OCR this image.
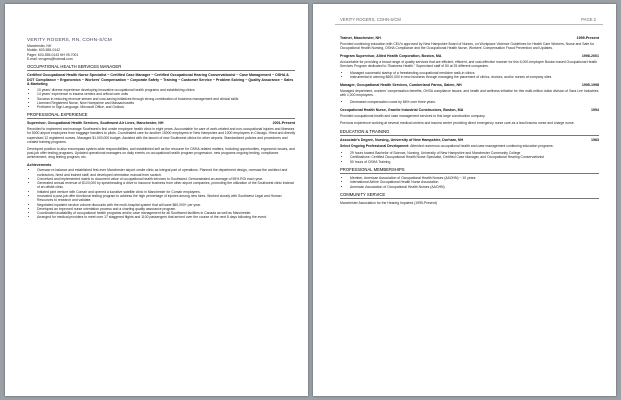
VERITY ROGERS, RN, COHN-S/CM
Manchester, NH
Mobile: 603-555-0142
Pager: 603-555-0143 NH 09-7001
E-mail: vrrogers@hotmail.com
OCCUPATIONAL HEALTH SERVICES MANAGER
Certified Occupational Health Nurse Specialist ~ Certified Case Manager ~ Certified Occupational Hearing Conservationist ~ Case Management ~ OSHA & DOT Compliance ~ Ergonomics ~ Workers' Compensation ~ Corporate Safety ~ Training ~ Customer Service ~ Problem Solving ~ Quality Assurance ~ Sales & Marketing
• 10 years' diverse experience developing innovative occupational health programs and establishing clinics
• 14 years' experience in trauma centers and critical care units
• Success in reducing revenue stream and cost-saving initiatives through strong combination of business management and clinical skills
• Licensed Registered Nurse, New Hampshire and Massachusetts
• Proficient in Sign Language, Microsoft Office, and Outlook
PROFESSIONAL EXPERIENCE
Supervisor, Occupational Health Services, Southwest Air Lines, Manchester, NH	2001-Present

Recruited to implement and manage Southwest's first onsite employee health clinic in eight years. Accountable for care of work-related and non-occupational injuries and illnesses for 5000 airport employees from baggage handlers to pilots. Coordinated care for another 15000 employees in New Hampshire and 1000 employees in Chicago. Hired and directly supervised 12 registered nurses. Managed $1,000,000 budget. Assisted with the launch of new Southwest clinics for other airports. Standardized policies and procedures and created training programs.

Developed position to also encompass system-wide responsibilities, and established self as the resource for OSHA-related matters, including opportunities, ergonomic issues, and post-job offer testing programs. Updated operational managers on daily events on occupational health program progression, new programs ongoing testing, compliance achievement, drug testing program, etc.

Achievements
• Oversaw re-balance and established first-ever Manchester airport onsite clinic as integral part of operations. Planned the department design, oversaw the architect and contractors, hired and trained staff, and developed orientation manual from scratch.
• Conceived and implemented matrix to document value of occupational health services to Southwest. Demonstrated an average of 55% ROI each year.
• Generated annual revenue of $120,000 by spearheading a drive to insource business from other airport companies, promoting the utilization of the Southwest clinic instead of an offsite clinic.
• Initiated joint venture with Comair and opened a lucrative satellite clinic in Manchester for Comair employees.
• Innovated a post-job offer functional testing program to address the high percentage of injuries among new hires. Worked closely with Southwest Legal and Human Resources to research and validate.
• Negotiated inpatient service volume discounts with the multi-hospital system that will save $60,000+ per year.
• Developed an improved nurse orientation process and a charting quality assurance program.
• Coordinated availability of occupational health programs and/or case management for all Southwest facilities in Canada as well as Manchester.
• Arranged for medical providers to meet over 17 staggered flights and 1100 passengers that arrived over the course of the next 8 days following the event.
VERITY ROGERS, COHN-S/CM	PAGE 2
Trainer, Manchester, NH	1999-Present

Provided continuing education with CEU's approved by New Hampshire Board of Nurses, on Workplace Violence Guidelines for Health Care Workers, Nurse and Safe for Occupational Health Nursing, OSHA Compliance and the Occupational Health Nurse, Workers' Compensation Fraud Prevention and Updates.

Program Supervisor, Allied Health Corporation, Boston, MA	1998-2001

Accountable for providing a broad range of quality services that are efficient, efficient, and cost-effective manner for this 6,000-employee Boston based Occupational Health Services Program dedicated to "Business Health." Supervised staff of 50 at 25 different companies.

• Managed successful startup of a freestanding occupational medicine walk-in clinics
• Instrumental in winning $600,000 in new business through managing the placement of clinics, doctors, and/or nurses at company sites
Manager, Occupational Health Services, Cumberland Farms, Salem, NH	1995-1998

Managed department, workers' compensation benefits, OHSA compliance issues, and health and wellness initiative for this multi-million dollar division of Sara Lee Industries with 1,000 employees.

• Decreased compensation costs by 66% over three years.
Occupational Health Nurse, Granite Industrial Constructors, Boston, MA	1994

Provided occupational health and case management services to this large construction company.

Previous experience working at several medical centers and trauma center providing direct emergency nurse care as a lead trauma nurse and charge nurse.

EDUCATION & TRAINING
Associate's Degree, Nursing, University of New Hampshire, Durham, NH	1983

Select Ongoing Professional Development: Attended numerous occupational health and case management continuing education programs:

• 29 hours toward Bachelor of Science, Nursing, University of New Hampshire and Manchester Community College
• Certifications: Certified Occupational Health Nurse Specialist, Certified Case Manager, and Occupational Hearing Conservationist
• 50 hours of OSHA Training
PROFESSIONAL MEMBERSHIPS
• Member, American Association of Occupational Health Nurses (AAOHN) ~ 10 years
• International Airline Occupational Health Nurse Association
• American Association of Occupational Health Nurses (AAOHN)
COMMUNITY SERVICE
Manchester Association for the Hearing Impaired (1995-Present)
